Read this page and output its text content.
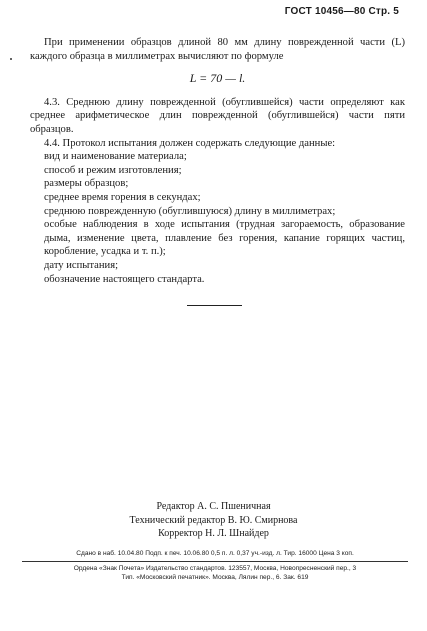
ГОСТ 10456—80 Стр. 5

При применении образцов длиной 80 мм длину поврежденной части (L) каждого образца в миллиметрах вычисляют по формуле

L = 70 — l.

4.3. Среднюю длину поврежденной (обуглившейся) части определяют как среднее арифметическое длин поврежденной (обуглившейся) части пяти образцов.

4.4. Протокол испытания должен содержать следующие данные:

вид и наименование материала;
способ и режим изготовления;
размеры образцов;
среднее время горения в секундах;
среднюю поврежденную (обуглившуюся) длину в миллиметрах;
особые наблюдения в ходе испытания (трудная загораемость, образование дыма, изменение цвета, плавление без горения, капание горящих частиц, коробление, усадка и т. п.);
дату испытания;
обозначение настоящего стандарта.
Редактор А. С. Пшеничная
Технический редактор В. Ю. Смирнова
Корректор Н. Л. Шнайдер
Сдано в наб. 10.04.80 Подп. к печ. 10.06.80 0,5 п. л. 0,37 уч.-изд. л. Тир. 16000 Цена 3 коп.
Ордена «Знак Почета» Издательство стандартов. 123557, Москва, Новопресненский пер., 3
Тип. «Московский печатник». Москва, Лялин пер., 6. Зак. 619
